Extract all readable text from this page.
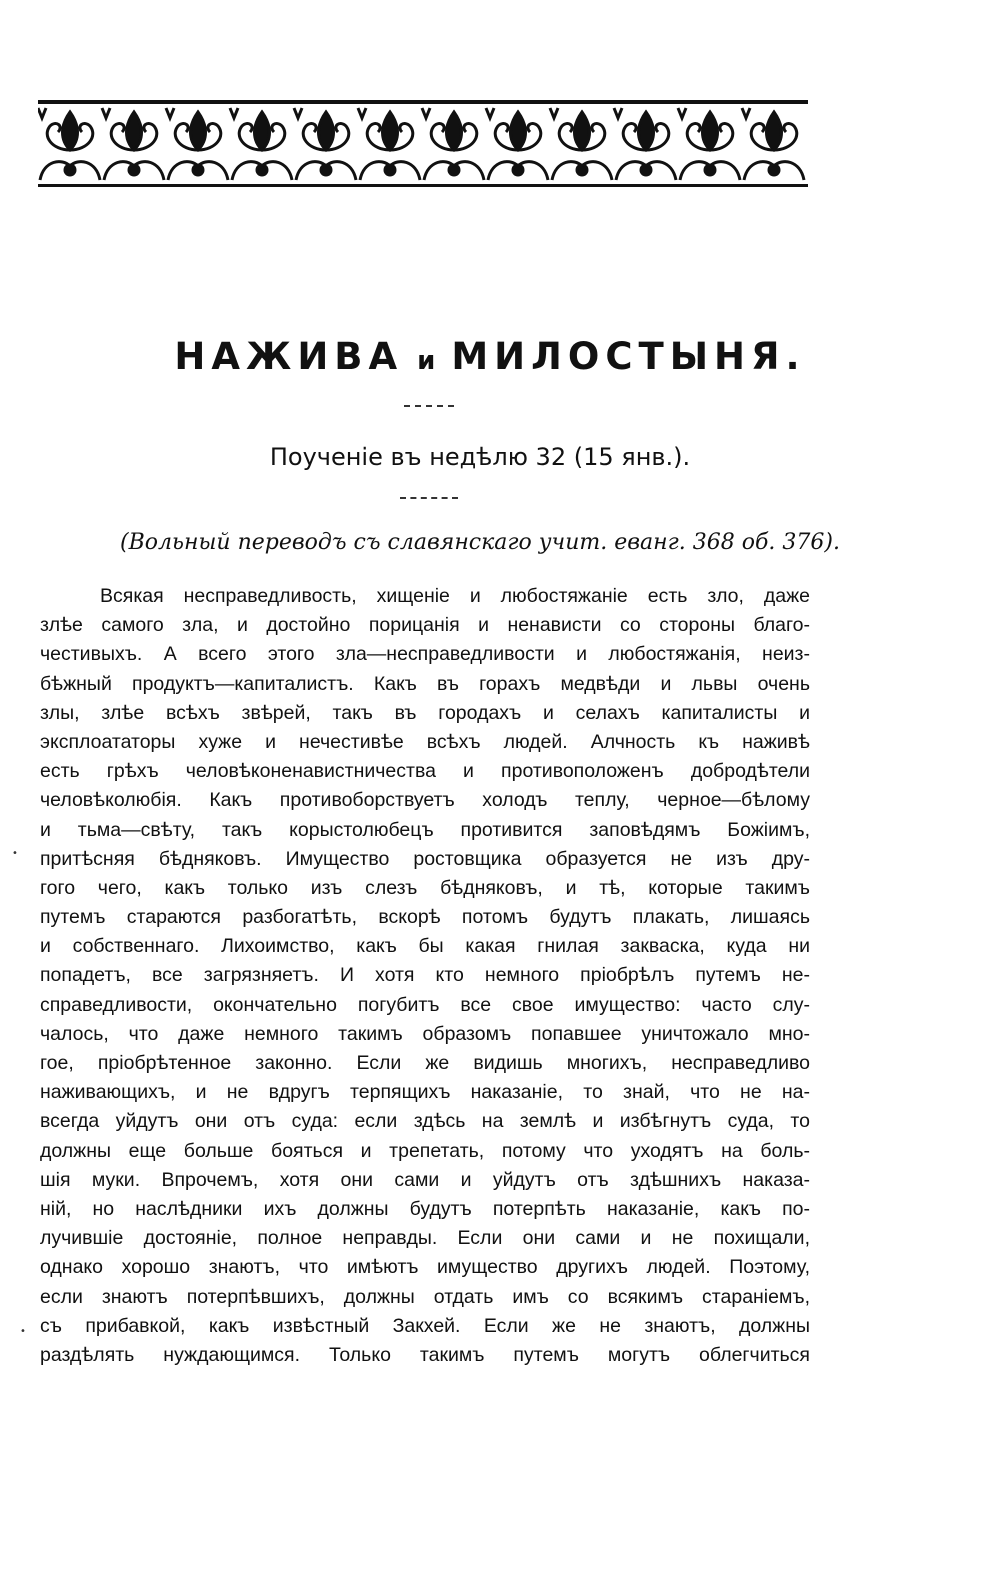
НАЖИВА и МИЛОСТЫНЯ.
Поученіе въ недѣлю 32 (15 янв.).
(Вольный переводъ съ славянскаго учит. еванг. 368 об. 376).
Всякая несправедливость, хищеніе и любостяжаніе есть зло, даже
злѣе самого зла, и достойно порицанія и ненависти со стороны благо-
честивыхъ. А всего этого зла—несправедливости и любостяжанія, неиз-
бѣжный продуктъ—капиталистъ. Какъ въ горахъ медвѣди и львы очень
злы, злѣе всѣхъ звѣрей, такъ въ городахъ и селахъ капиталисты и
эксплоататоры хуже и нечестивѣе всѣхъ людей. Алчность къ наживѣ
есть грѣхъ человѣконенавистничества и противоположенъ добродѣтели
человѣколюбія. Какъ противоборствуетъ холодъ теплу, черное—бѣлому
и тьма—свѣту, такъ корыстолюбецъ противится заповѣдямъ Божіимъ,
притѣсняя бѣдняковъ. Имущество ростовщика образуется не изъ дру-
гого чего, какъ только изъ слезъ бѣдняковъ, и тѣ, которые такимъ
путемъ стараются разбогатѣть, вскорѣ потомъ будутъ плакать, лишаясь
и собственнаго. Лихоимство, какъ бы какая гнилая закваска, куда ни
попадетъ, все загрязняетъ. И хотя кто немного пріобрѣлъ путемъ не-
справедливости, окончательно погубитъ все свое имущество: часто слу-
чалось, что даже немного такимъ образомъ попавшее уничтожало мно-
гое, пріобрѣтенное законно. Если же видишь многихъ, несправедливо
наживающихъ, и не вдругъ терпящихъ наказаніе, то знай, что не на-
всегда уйдутъ они отъ суда: если здѣсь на землѣ и избѣгнутъ суда, то
должны еще больше бояться и трепетать, потому что уходятъ на боль-
шія муки. Впрочемъ, хотя они сами и уйдутъ отъ здѣшнихъ наказа-
ній, но наслѣдники ихъ должны будутъ потерпѣть наказаніе, какъ по-
лучившіе достояніе, полное неправды. Если они сами и не похищали,
однако хорошо знаютъ, что имѣютъ имущество другихъ людей. Поэтому,
если знаютъ потерпѣвшихъ, должны отдать имъ со всякимъ стараніемъ,
съ прибавкой, какъ извѣстный Закхей. Если же не знаютъ, должны
раздѣлять нуждающимся. Только такимъ путемъ могутъ облегчиться
•
•
